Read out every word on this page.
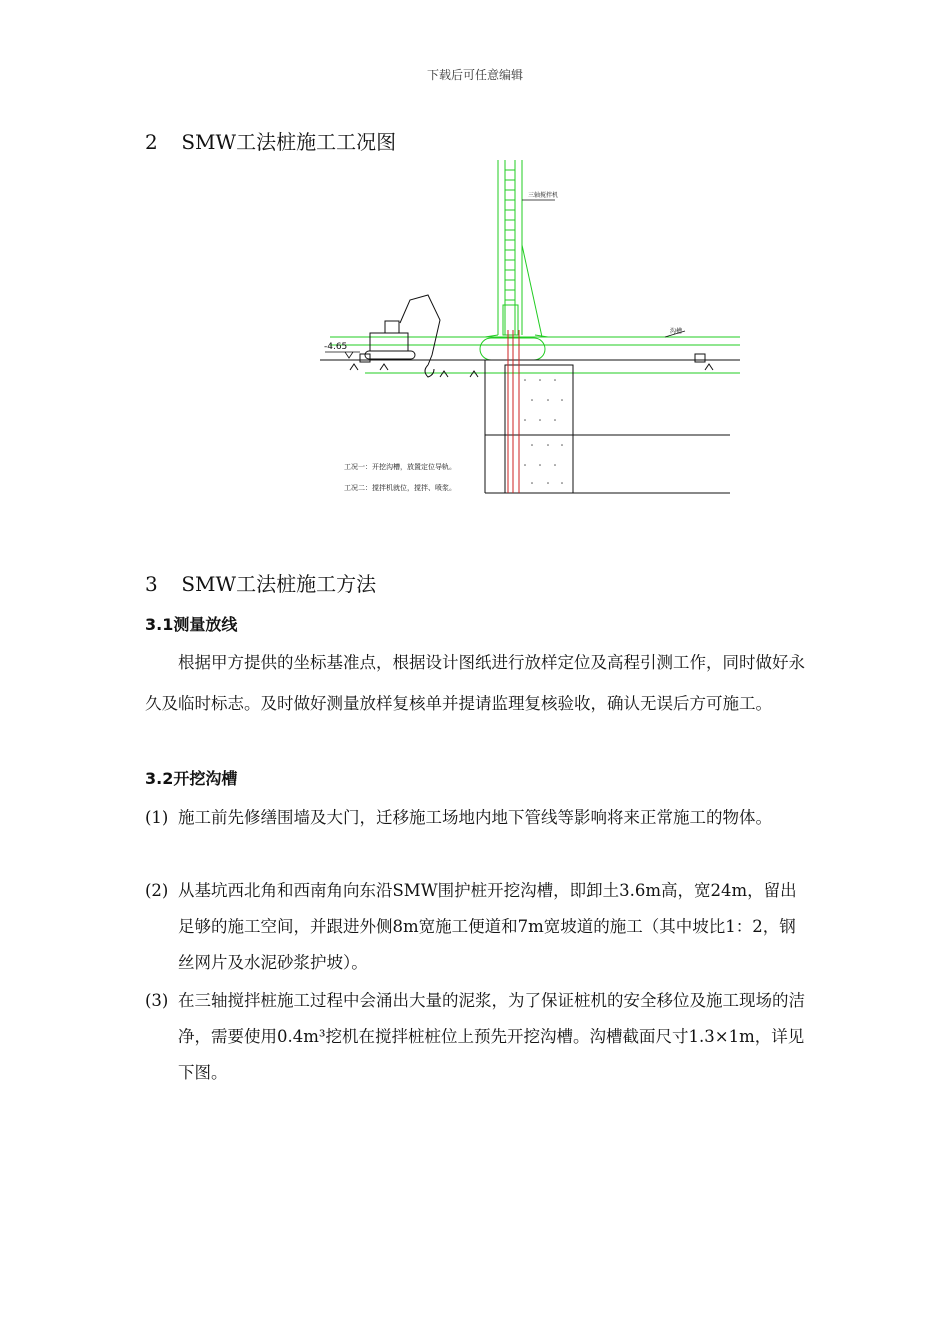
下载后可任意编辑
2 SMW工法桩施工工况图
三轴搅拌机
-4.65
沟槽
工况一：开挖沟槽，放置定位导轨。
工况二：搅拌机就位，搅拌、喷浆。
3 SMW工法桩施工方法
3.1测量放线
根据甲方提供的坐标基准点，根据设计图纸进行放样定位及高程引测工作，同时做好永久及临时标志。及时做好测量放样复核单并提请监理复核验收，确认无误后方可施工。
3.2开挖沟槽
(1) 施工前先修缮围墙及大门，迁移施工场地内地下管线等影响将来正常施工的物体。
(2) 从基坑西北角和西南角向东沿SMW围护桩开挖沟槽，即卸土3.6m高，宽24m，留出足够的施工空间，并跟进外侧8m宽施工便道和7m宽坡道的施工（其中坡比1：2，钢丝网片及水泥砂浆护坡）。
(3) 在三轴搅拌桩施工过程中会涌出大量的泥浆，为了保证桩机的安全移位及施工现场的洁净，需要使用0.4m³挖机在搅拌桩桩位上预先开挖沟槽。沟槽截面尺寸1.3×1m，详见下图。
